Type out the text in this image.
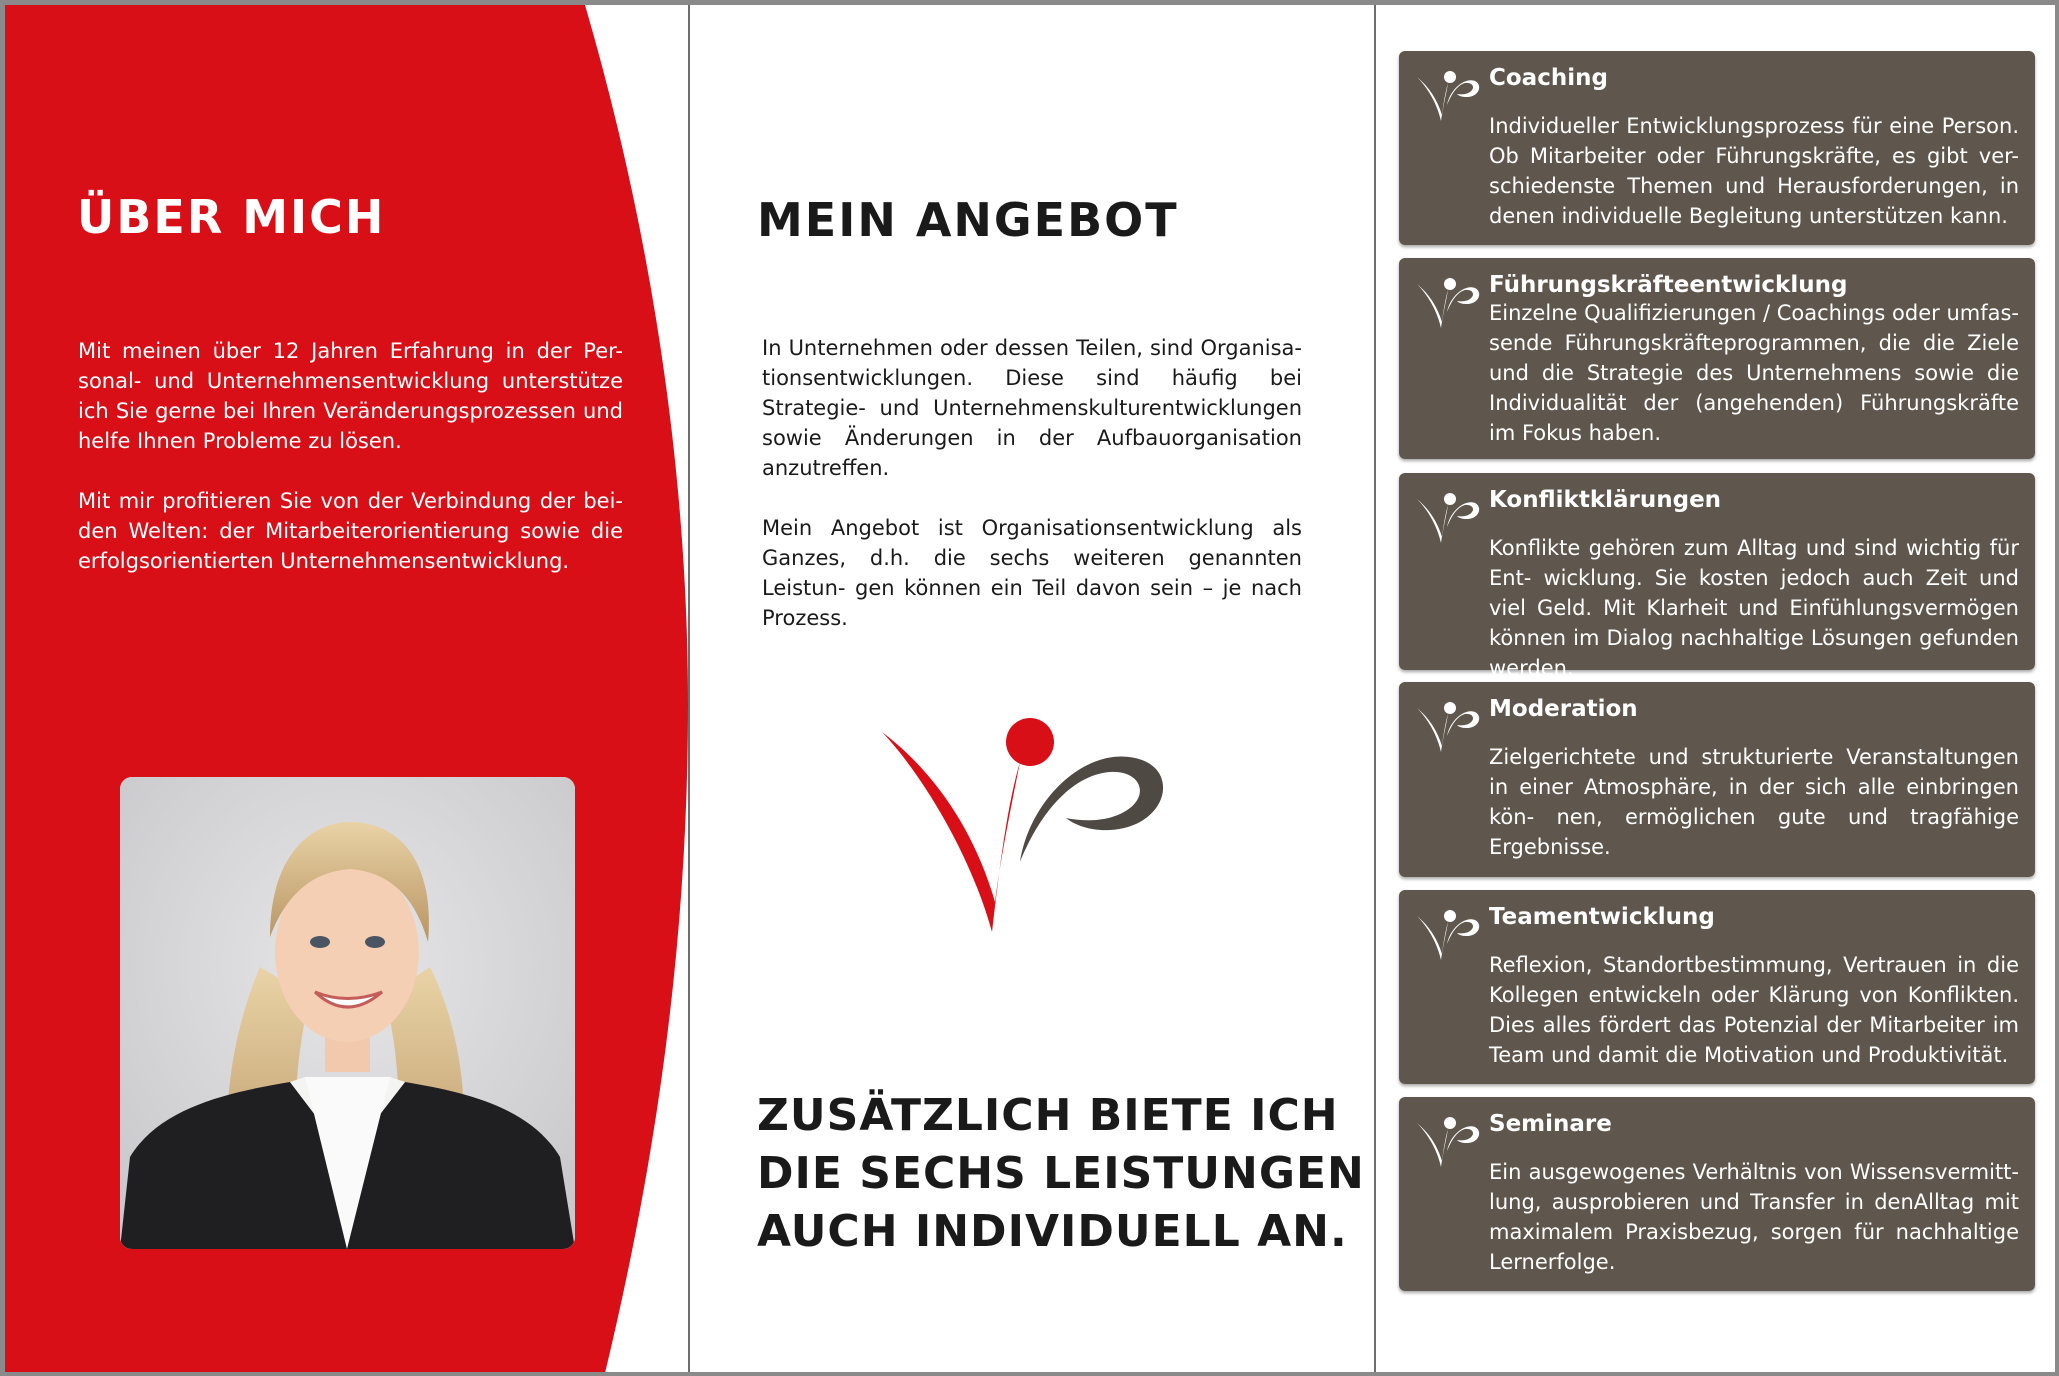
ÜBER MICH
Mit meinen über 12 Jahren Erfahrung in der Per- sonal- und Unternehmensentwicklung unterstütze ich Sie gerne bei Ihren Veränderungsprozessen und helfe Ihnen Probleme zu lösen.
Mit mir profitieren Sie von der Verbindung der bei- den Welten: der Mitarbeiterorientierung sowie die erfolgsorientierten Unternehmensentwicklung.
MEIN ANGEBOT
In Unternehmen oder dessen Teilen, sind Organisa- tionsentwicklungen. Diese sind häufig bei Strategie- und Unternehmenskulturentwicklungen sowie Änderungen in der Aufbauorganisation anzutreffen.
Mein Angebot ist Organisationsentwicklung als Ganzes, d.h. die sechs weiteren genannten Leistun- gen können ein Teil davon sein – je nach Prozess.
ZUSÄTZLICH BIETE ICH
DIE SECHS LEISTUNGEN
AUCH INDIVIDUELL AN.
Coaching
Individueller Entwicklungsprozess für eine Person. Ob Mitarbeiter oder Führungskräfte, es gibt ver- schiedenste Themen und Herausforderungen, in denen individuelle Begleitung unterstützen kann.
Führungskräfteentwicklung
Einzelne Qualifizierungen / Coachings oder umfas- sende Führungskräfteprogrammen, die die Ziele und die Strategie des Unternehmens sowie die Individualität der (angehenden) Führungskräfte im Fokus haben.
Konfliktklärungen
Konflikte gehören zum Alltag und sind wichtig für Ent- wicklung. Sie kosten jedoch auch Zeit und viel Geld. Mit Klarheit und Einfühlungsvermögen können im Dialog nachhaltige Lösungen gefunden werden.
Moderation
Zielgerichtete und strukturierte Veranstaltungen in einer Atmosphäre, in der sich alle einbringen kön- nen, ermöglichen gute und tragfähige Ergebnisse.
Teamentwicklung
Reflexion, Standortbestimmung, Vertrauen in die Kollegen entwickeln oder Klärung von Konflikten. Dies alles fördert das Potenzial der Mitarbeiter im Team und damit die Motivation und Produktivität.
Seminare
Ein ausgewogenes Verhältnis von Wissensvermitt- lung, ausprobieren und Transfer in denAlltag mit maximalem Praxisbezug, sorgen für nachhaltige Lernerfolge.
